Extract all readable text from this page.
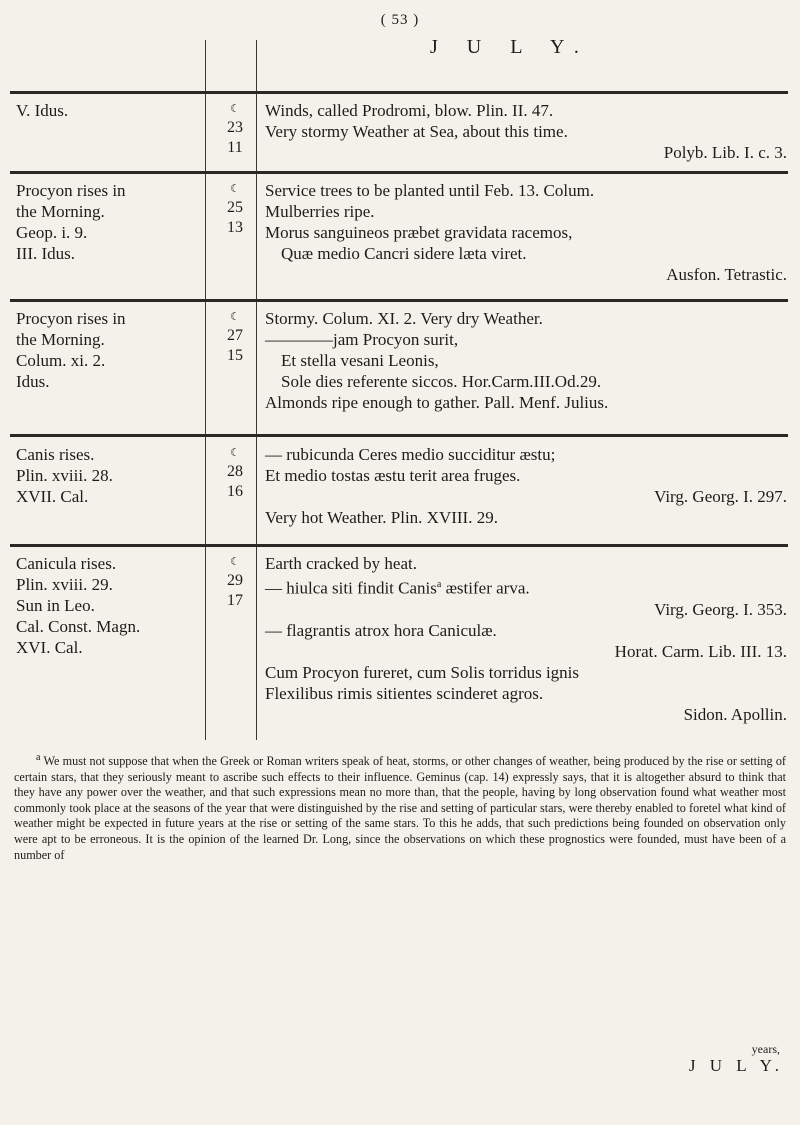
( 53 )
J U L Y.
V. Idus.	☾
23
11
Winds, called Prodromi, blow. Plin. II. 47.
Very stormy Weather at Sea, about this time.
Polyb. Lib. I. c. 3.
Procyon rises in
the Morning.
Geop. i. 9.
III. Idus.
☾
25
13
Service trees to be planted until Feb. 13. Colum.
Mulberries ripe.
Morus sanguineos præbet gravidata racemos,
Quæ medio Cancri sidere læta viret.
Ausfon. Tetrastic.
Procyon rises in
the Morning.
Colum. xi. 2.
Idus.
☾
27
15
Stormy. Colum. XI. 2. Very dry Weather.
————jam Procyon surit,
Et stella vesani Leonis,
Sole dies referente siccos. Hor.Carm.III.Od.29.
Almonds ripe enough to gather. Pall. Menf. Julius.
Canis rises.
Plin. xviii. 28.
XVII. Cal.
☾
28
16
— rubicunda Ceres medio succiditur æstu;
Et medio tostas æstu terit area fruges.
Virg. Georg. I. 297.
Very hot Weather. Plin. XVIII. 29.
Canicula rises.
Plin. xviii. 29.
Sun in Leo.
Cal. Const. Magn.
XVI. Cal.
☾
29
17
Earth cracked by heat.
— hiulca siti findit Canis$^a$ æstifer arva.
Virg. Georg. I. 353.
— flagrantis atrox hora Caniculæ.
Horat. Carm. Lib. III. 13.
Cum Procyon fureret, cum Solis torridus ignis
Flexilibus rimis sitientes scinderet agros.
Sidon. Apollin.

$^a$ We must not suppose that when the Greek or Roman writers speak of heat, storms, or other changes of weather, being produced by the rise or setting of certain stars, that they seriously meant to ascribe such effects to their influence. Geminus (cap. 14) expressly says, that it is altogether absurd to think that they have any power over the weather, and that such expressions mean no more than, that the people, having by long observation found what weather most commonly took place at the seasons of the year that were distinguished by the rise and setting of particular stars, were thereby enabled to foretel what kind of weather might be expected in future years at the rise or setting of the same stars. To this he adds, that such predictions being founded on observation only were apt to be erroneous. It is the opinion of the learned Dr. Long, since the observations on which these prognostics were founded, must have been of a number of

years,
J U L Y.
